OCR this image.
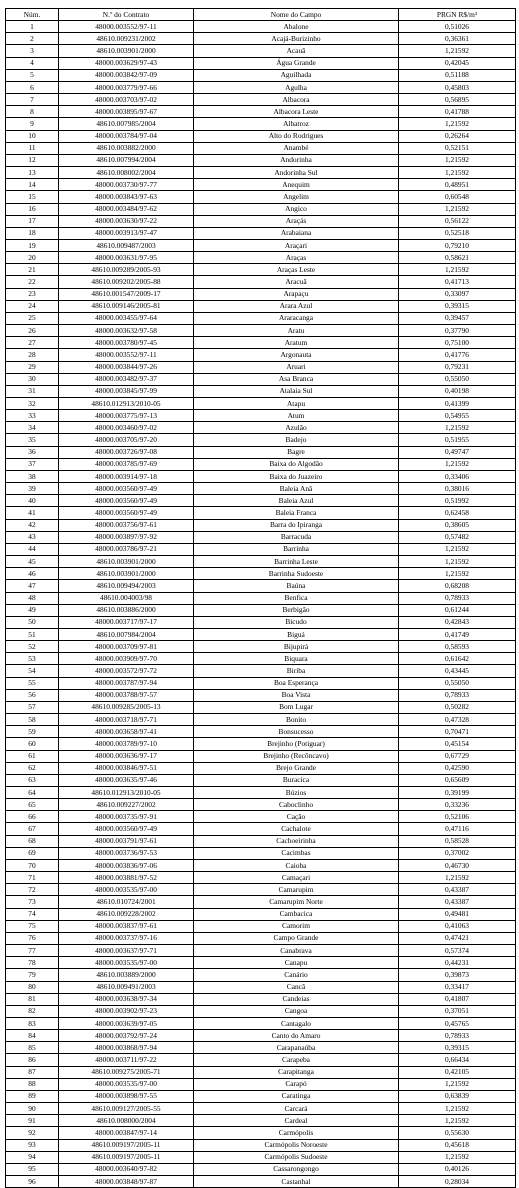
Núm.	N.º do Contrato	Nome do Campo	PRGN R$/m³
1	48000.003552/97-11	Abalone	0,51026
2	48610.009231/2002	Acajá-Burizinho	0,36361
3	48610.003901/2000	Acauã	1,21592
4	48000.003629/97-43	Água Grande	0,42045
5	48000.003842/97-09	Aguilhada	0,51188
6	48000.003779/97-66	Agulha	0,45803
7	48000.003703/97-02	Albacora	0,56895
8	48000.003895/97-67	Albacora Leste	0,41788
9	48610.007985/2004	Albatroz	1,21592
10	48000.003784/97-04	Alto do Rodrigues	0,26264
11	48610.003882/2000	Anambé	0,52151
12	48610.007994/2004	Andorinha	1,21592
13	48610.008002/2004	Andorinha Sul	1,21592
14	48000.003730/97-77	Anequim	0,48951
15	48000.003843/97-63	Angelim	0,60548
16	48000.003484/97-62	Angico	1,21592
17	48000.003630/97-22	Araçás	0,56122
18	48000.003913/97-47	Arabaiana	0,52518
19	48610.009487/2003	Araçari	0,79210
20	48000.003631/97-95	Araças	0,58621
21	48610.009289/2005-93	Araças Leste	1,21592
22	48610.009202/2005-88	Aracuã	0,41713
23	48610.001547/2009-17	Arapaçu	0,33097
24	48610.009146/2005-81	Arara Azul	0,39315
25	48000.003455/97-64	Araracanga	0,39457
26	48000.003632/97-58	Aratu	0,37790
27	48000.003780/97-45	Aratum	0,75100
28	48000.003552/97-11	Argonauta	0,41776
29	48000.003844/97-26	Aruari	0,79231
30	48000.003482/97-37	Asa Branca	0,55050
31	48000.003845/97-99	Atalaia Sul	0,40198
32	48610.012913/2010-05	Atapu	0,41399
33	48000.003775/97-13	Atum	0,54955
34	48000.003460/97-02	Azulão	1,21592
35	48000.003705/97-20	Badejo	0,51955
36	48000.003726/97-08	Bagre	0,49747
37	48000.003785/97-69	Baixa do Algodão	1,21592
38	48000.003914/97-18	Baixa do Juazeiro	0,33406
39	48000.003560/97-49	Baleia Anã	0,38016
40	48000.003560/97-49	Baleia Azul	0,51992
41	48000.003560/97-49	Baleia Franca	0,62458
42	48000.003756/97-61	Barra do Ipiranga	0,38605
43	48000.003897/97-92	Barracuda	0,57482
44	48000.003786/97-21	Barrinha	1,21592
45	48610.003901/2000	Barrinha Leste	1,21592
46	48610.003901/2000	Barrinha Sudoeste	1,21592
47	48610.009494/2003	Baúna	0,68208
48	48610.004003/98	Benfica	0,78933
49	48610.003886/2000	Berbigão	0,61244
50	48000.003717/97-17	Bicudo	0,42843
51	48610.007984/2004	Biguá	0,41749
52	48000.003709/97-81	Bijupirá	0,58593
53	48000.003909/97-70	Biquara	0,61642
54	48000.003572/97-72	Biriba	0,43445
55	48000.003787/97-94	Boa Esperança	0,55050
56	48000.003788/97-57	Boa Vista	0,78933
57	48610.009285/2005-13	Bom Lugar	0,50282
58	48000.003718/97-71	Bonito	0,47328
59	48000.003658/97-41	Bonsucesso	0,70471
60	48000.003789/97-10	Brejinho (Potiguar)	0,45154
61	48000.003636/97-17	Brejinho (Recôncavo)	0,67729
62	48000.003846/97-51	Brejo Grande	0,42590
63	48000.003635/97-46	Buracica	0,65609
64	48610.012913/2010-05	Búzios	0,39199
65	48610.009227/2002	Caboclinho	0,33236
66	48000.003735/97-91	Cação	0,52106
67	48000.003560/97-49	Cachalote	0,47116
68	48000.003791/97-61	Cachoeirinha	0,58528
69	48000.003736/97-53	Cacimbas	0,37002
70	48000.003836/97-06	Caioba	0,46730
71	48000.003881/97-52	Camaçari	1,21592
72	48000.003535/97-00	Camarupim	0,43387
73	48610.010724/2001	Camarupim Norte	0,43387
74	48610.009228/2002	Cambacica	0,49481
75	48000.003837/97-61	Camorim	0,41063
76	48000.003737/97-16	Campo Grande	0,47421
77	48000.003637/97-71	Canabrava	0,57374
78	48000.003535/97-00	Canapu	0,44231
79	48610.003889/2000	Canário	0,39873
80	48610.009491/2003	Cancã	0,33417
81	48000.003638/97-34	Candeias	0,41807
82	48000.003902/97-23	Cangoa	0,37051
83	48000.003639/97-05	Cantagalo	0,45765
84	48000.003792/97-24	Canto do Amaro	0,78933
85	48000.003868/97-94	Carapanaúba	0,39315
86	48000.003711/97-22	Carapeba	0,66434
87	48610.009275/2005-71	Carapitanga	0,42105
88	48000.003535/97-00	Carapó	1,21592
89	48000.003898/97-55	Caratinga	0,63839
90	48610.009127/2005-55	Carcará	1,21592
91	48610.008000/2004	Cardeal	1,21592
92	48000.003847/97-14	Carmópolis	0,55630
93	48610.009197/2005-11	Carmópolis Noroeste	0,45618
94	48610.009197/2005-11	Carmópolis Sudoeste	1,21592
95	48000.003640/97-82	Cassarongongo	0,40126
96	48000.003848/97-87	Castanhal	0,28034
